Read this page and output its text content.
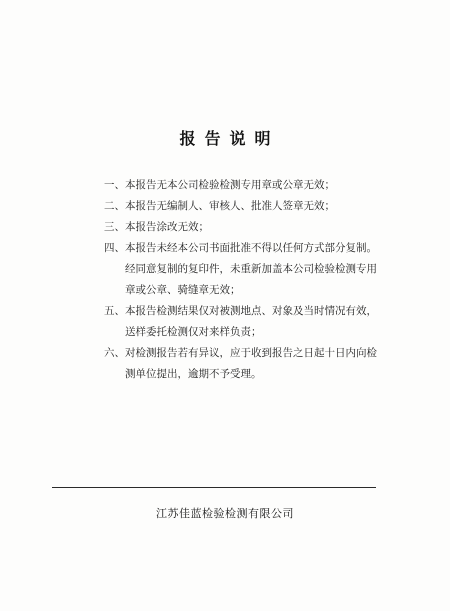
报告说明
一、本报告无本公司检验检测专用章或公章无效；
二、本报告无编制人、审核人、批准人签章无效；
三、本报告涂改无效；
四、本报告未经本公司书面批准不得以任何方式部分复制。
经同意复制的复印件，未重新加盖本公司检验检测专用
章或公章、骑缝章无效；
五、本报告检测结果仅对被测地点、对象及当时情况有效，
送样委托检测仅对来样负责；
六、对检测报告若有异议，应于收到报告之日起十日内向检
测单位提出，逾期不予受理。
江苏佳蓝检验检测有限公司
